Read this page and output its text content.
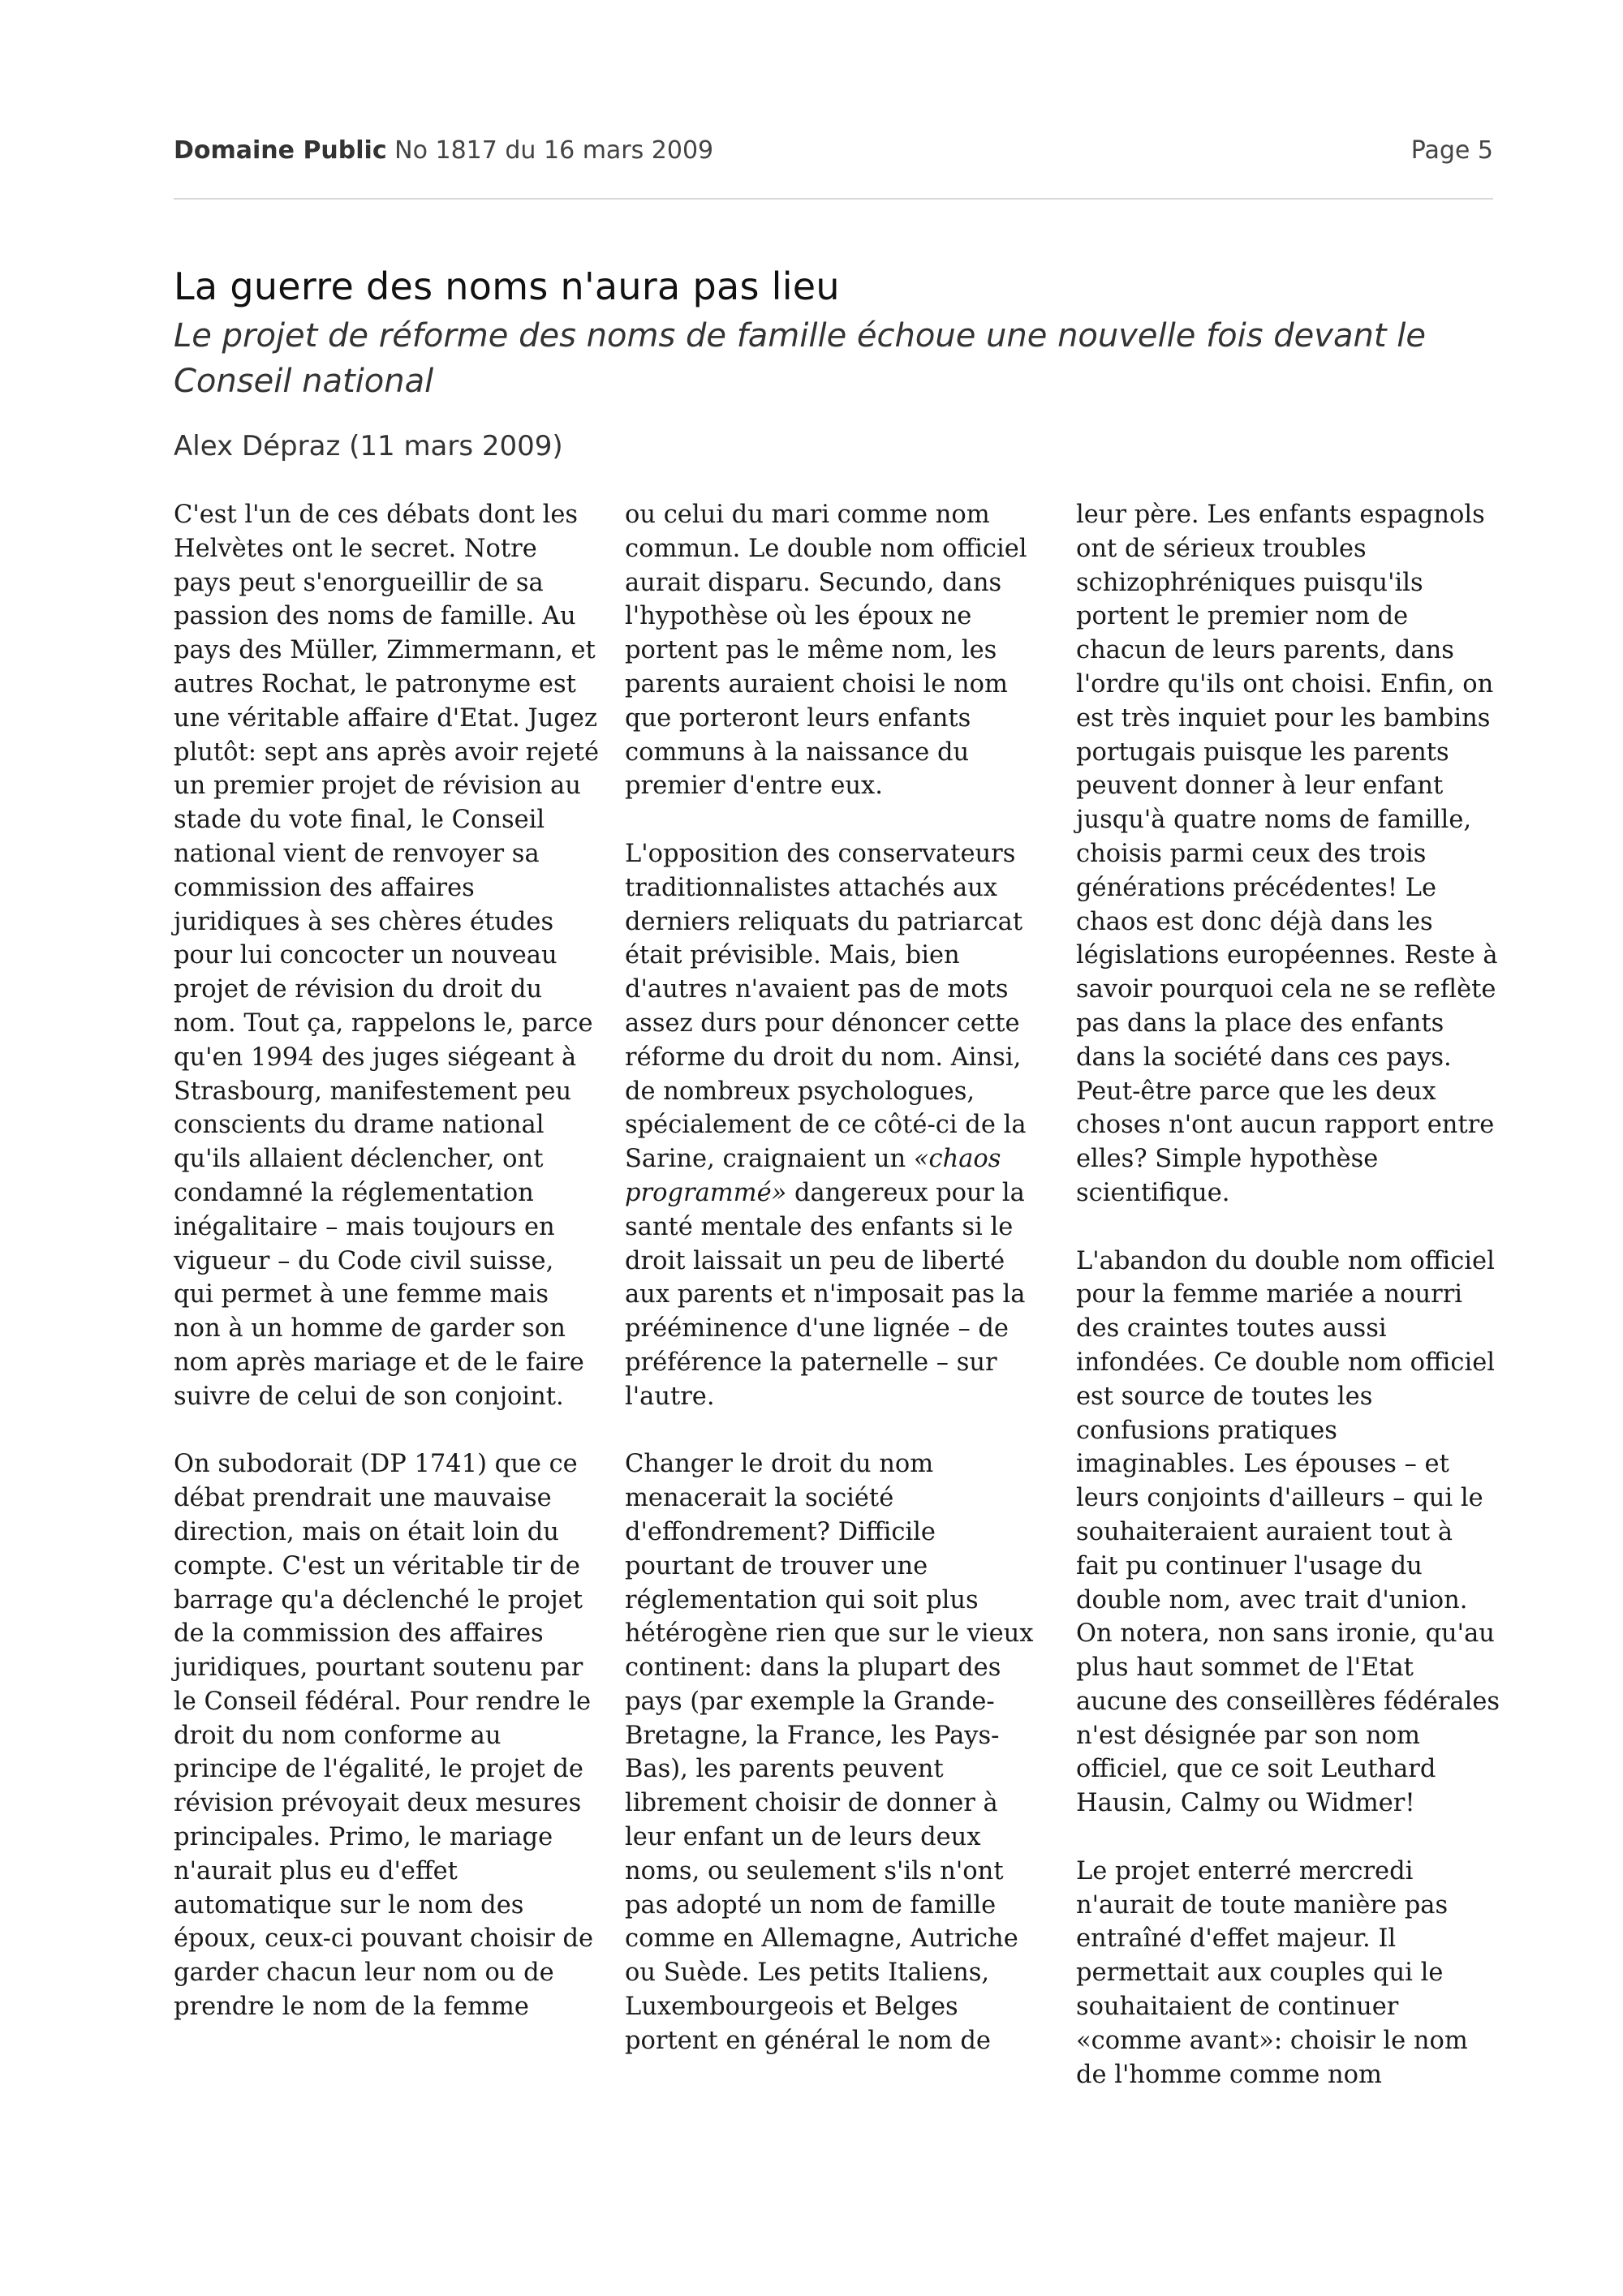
Domaine Public No 1817 du 16 mars 2009	Page 5
La guerre des noms n'aura pas lieu

Le projet de réforme des noms de famille échoue une nouvelle fois devant le Conseil national

Alex Dépraz (11 mars 2009)

C'est l'un de ces débats dont les Helvètes ont le secret. Notre pays peut s'enorgueillir de sa passion des noms de famille. Au pays des Müller, Zimmermann, et autres Rochat, le patronyme est une véritable affaire d'Etat. Jugez plutôt: sept ans après avoir rejeté un premier projet de révision au stade du vote final, le Conseil national vient de renvoyer sa commission des affaires juridiques à ses chères études pour lui concocter un nouveau projet de révision du droit du nom. Tout ça, rappelons le, parce qu'en 1994 des juges siégeant à Strasbourg, manifestement peu conscients du drame national qu'ils allaient déclencher, ont condamné la réglementation inégalitaire – mais toujours en vigueur – du Code civil suisse, qui permet à une femme mais non à un homme de garder son nom après mariage et de le faire suivre de celui de son conjoint.

On subodorait (DP 1741) que ce débat prendrait une mauvaise direction, mais on était loin du compte. C'est un véritable tir de barrage qu'a déclenché le projet de la commission des affaires juridiques, pourtant soutenu par le Conseil fédéral. Pour rendre le droit du nom conforme au principe de l'égalité, le projet de révision prévoyait deux mesures principales. Primo, le mariage n'aurait plus eu d'effet automatique sur le nom des époux, ceux-ci pouvant choisir de garder chacun leur nom ou de prendre le nom de la femme

ou celui du mari comme nom commun. Le double nom officiel aurait disparu. Secundo, dans l'hypothèse où les époux ne portent pas le même nom, les parents auraient choisi le nom que porteront leurs enfants communs à la naissance du premier d'entre eux.

L'opposition des conservateurs traditionnalistes attachés aux derniers reliquats du patriarcat était prévisible. Mais, bien d'autres n'avaient pas de mots assez durs pour dénoncer cette réforme du droit du nom. Ainsi, de nombreux psychologues, spécialement de ce côté-ci de la Sarine, craignaient un «chaos programmé» dangereux pour la santé mentale des enfants si le droit laissait un peu de liberté aux parents et n'imposait pas la prééminence d'une lignée – de préférence la paternelle – sur l'autre.

Changer le droit du nom menacerait la société d'effondrement? Difficile pourtant de trouver une réglementation qui soit plus hétérogène rien que sur le vieux continent: dans la plupart des pays (par exemple la Grande-Bretagne, la France, les Pays-Bas), les parents peuvent librement choisir de donner à leur enfant un de leurs deux noms, ou seulement s'ils n'ont pas adopté un nom de famille comme en Allemagne, Autriche ou Suède. Les petits Italiens, Luxembourgeois et Belges portent en général le nom de

leur père. Les enfants espagnols ont de sérieux troubles schizophréniques puisqu'ils portent le premier nom de chacun de leurs parents, dans l'ordre qu'ils ont choisi. Enfin, on est très inquiet pour les bambins portugais puisque les parents peuvent donner à leur enfant jusqu'à quatre noms de famille, choisis parmi ceux des trois générations précédentes! Le chaos est donc déjà dans les législations européennes. Reste à savoir pourquoi cela ne se reflète pas dans la place des enfants dans la société dans ces pays. Peut-être parce que les deux choses n'ont aucun rapport entre elles? Simple hypothèse scientifique.

L'abandon du double nom officiel pour la femme mariée a nourri des craintes toutes aussi infondées. Ce double nom officiel est source de toutes les confusions pratiques imaginables. Les épouses – et leurs conjoints d'ailleurs – qui le souhaiteraient auraient tout à fait pu continuer l'usage du double nom, avec trait d'union. On notera, non sans ironie, qu'au plus haut sommet de l'Etat aucune des conseillères fédérales n'est désignée par son nom officiel, que ce soit Leuthard Hausin, Calmy ou Widmer!

Le projet enterré mercredi n'aurait de toute manière pas entraîné d'effet majeur. Il permettait aux couples qui le souhaitaient de continuer «comme avant»: choisir le nom de l'homme comme nom
